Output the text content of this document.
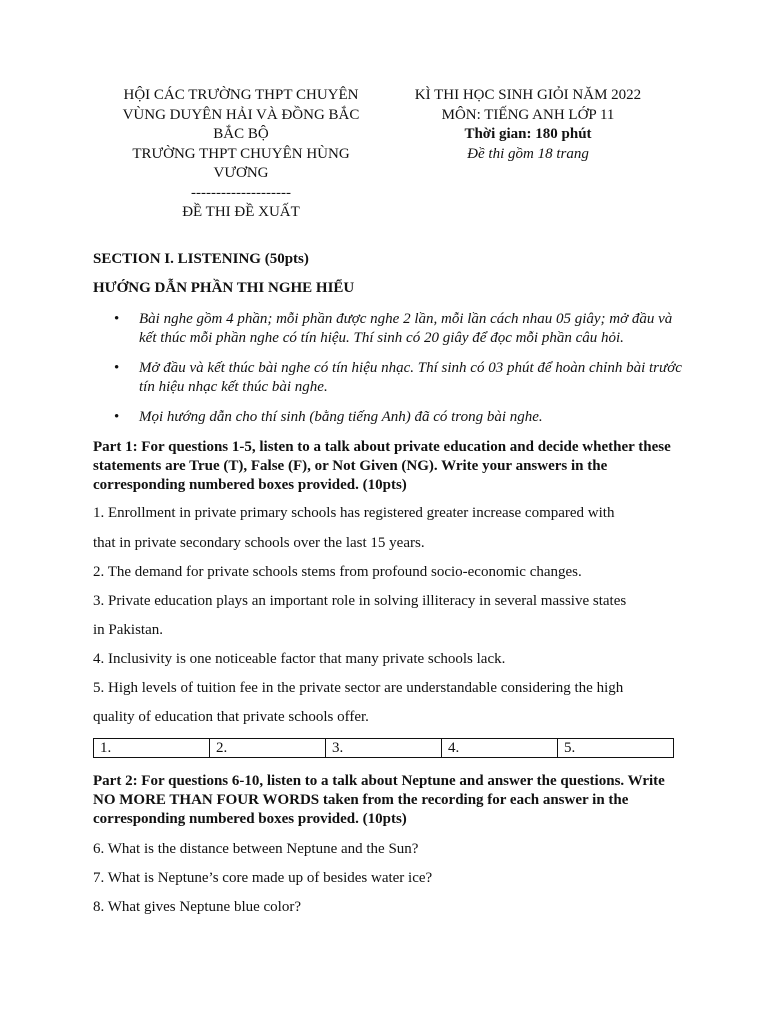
HỘI CÁC TRƯỜNG THPT CHUYÊN
VÙNG DUYÊN HẢI VÀ ĐỒNG BẮC
BẮC BỘ
TRƯỜNG THPT CHUYÊN HÙNG
VƯƠNG
--------------------
ĐỀ THI ĐỀ XUẤT
KÌ THI HỌC SINH GIỎI NĂM 2022
MÔN: TIẾNG ANH LỚP 11
Thời gian: 180 phút
Đề thi gồm 18 trang
SECTION I. LISTENING (50pts)
HƯỚNG DẪN PHẦN THI NGHE HIỂU
• Bài nghe gồm 4 phần; mỗi phần được nghe 2 lần, mỗi lần cách nhau 05 giây; mở đầu và kết thúc mỗi phần nghe có tín hiệu. Thí sinh có 20 giây để đọc mỗi phần câu hỏi.
• Mở đầu và kết thúc bài nghe có tín hiệu nhạc. Thí sinh có 03 phút để hoàn chỉnh bài trước tín hiệu nhạc kết thúc bài nghe.
• Mọi hướng dẫn cho thí sinh (bằng tiếng Anh) đã có trong bài nghe.
Part 1: For questions 1-5, listen to a talk about private education and decide whether these statements are True (T), False (F), or Not Given (NG). Write your answers in the corresponding numbered boxes provided. (10pts)
1. Enrollment in private primary schools has registered greater increase compared with
that in private secondary schools over the last 15 years.
2. The demand for private schools stems from profound socio-economic changes.
3. Private education plays an important role in solving illiteracy in several massive states
in Pakistan.
4. Inclusivity is one noticeable factor that many private schools lack.
5. High levels of tuition fee in the private sector are understandable considering the high
quality of education that private schools offer.
1.	2.	3.	4.	5.
Part 2: For questions 6-10, listen to a talk about Neptune and answer the questions. Write NO MORE THAN FOUR WORDS taken from the recording for each answer in the corresponding numbered boxes provided. (10pts)
6. What is the distance between Neptune and the Sun?
7. What is Neptune’s core made up of besides water ice?
8. What gives Neptune blue color?
